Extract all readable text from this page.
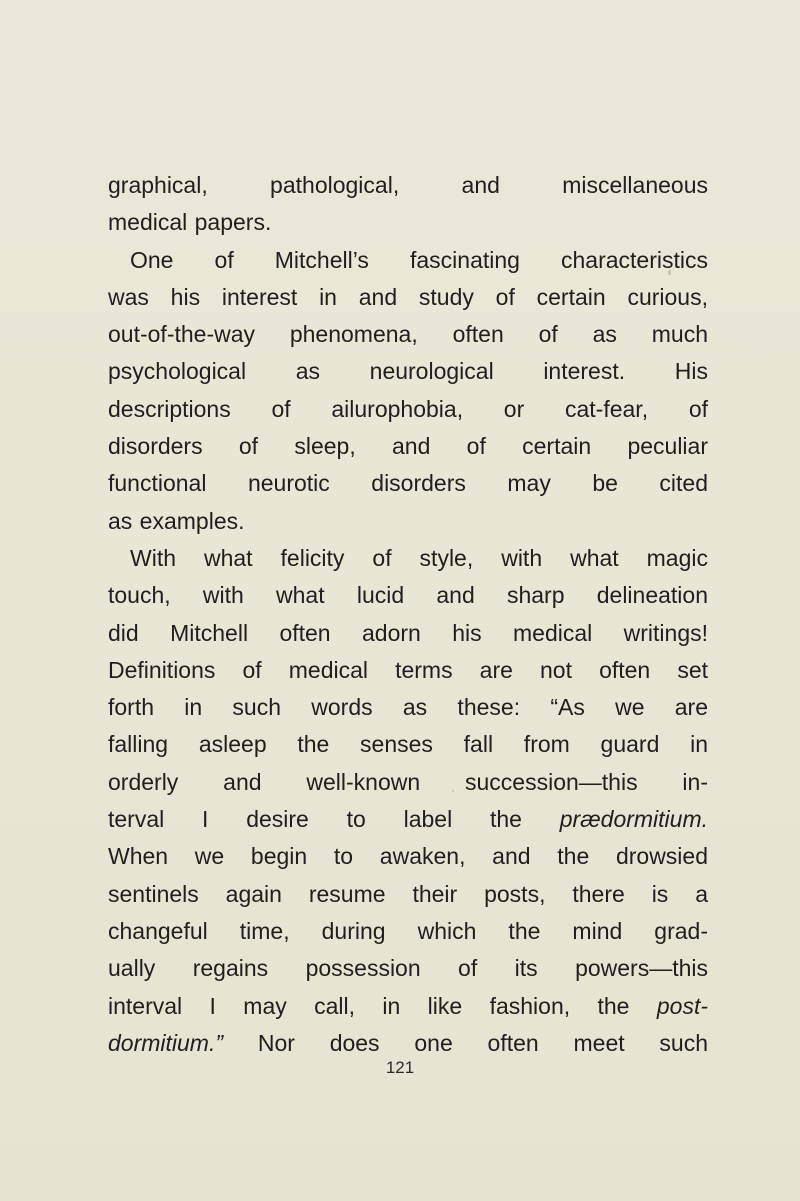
graphical, pathological, and miscellaneous
medical papers.
One of Mitchell’s fascinating characteristics
was his interest in and study of certain curious,
out-of-the-way phenomena, often of as much
psychological as neurological interest. His
descriptions of ailurophobia, or cat-fear, of
disorders of sleep, and of certain peculiar
functional neurotic disorders may be cited
as examples.
With what felicity of style, with what magic
touch, with what lucid and sharp delineation
did Mitchell often adorn his medical writings!
Definitions of medical terms are not often set
forth in such words as these: “As we are
falling asleep the senses fall from guard in
orderly and well-known succession—this in-
terval I desire to label the prædormitium.
When we begin to awaken, and the drowsied
sentinels again resume their posts, there is a
changeful time, during which the mind grad-
ually regains possession of its powers—this
interval I may call, in like fashion, the post-
dormitium.” Nor does one often meet such
121
